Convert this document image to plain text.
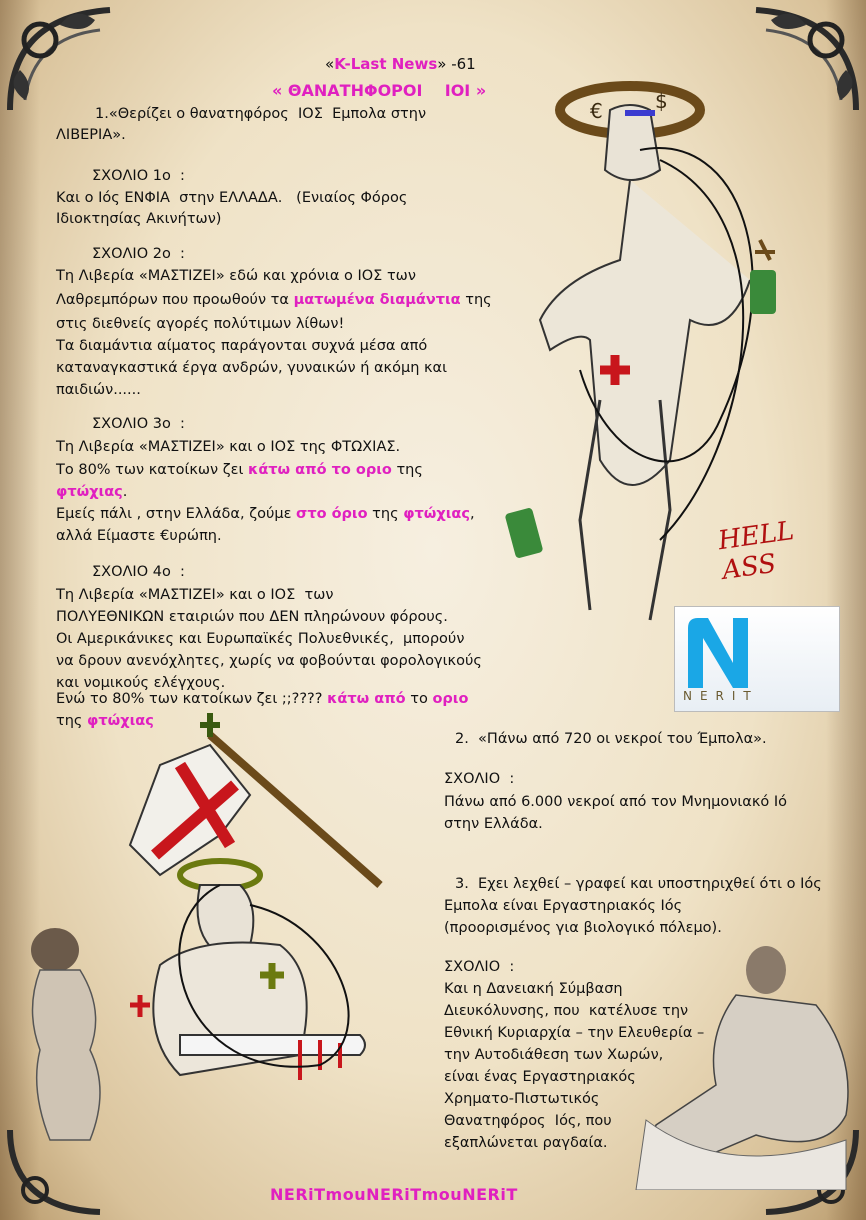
€	$
HELL ASS
NERIT
«K-Last News» -61
« ΘΑΝΑΤΗΦΟΡΟΙ    ΙΟΙ »
1.«Θερίζει ο θανατηφόρος  ΙΟΣ  Εμπολα στην
ΛΙΒΕΡΙΑ».
ΣΧΟΛΙΟ 1ο  :
Και ο Ιός ΕΝΦΙΑ  στην ΕΛΛΑΔΑ.   (Ενιαίος Φόρος
Ιδιοκτησίας Ακινήτων)
ΣΧΟΛΙΟ 2ο  :
Τη Λιβερία «ΜΑΣΤΙΖΕΙ» εδώ και χρόνια ο ΙΟΣ των
Λαθρεμπόρων που προωθούν τα ματωμένα διαμάντια της
στις διεθνείς αγορές πολύτιμων λίθων!
Τα διαμάντια αίματος παράγονται συχνά μέσα από
καταναγκαστικά έργα ανδρών, γυναικών ή ακόμη και
παιδιών......
ΣΧΟΛΙΟ 3ο  :
Τη Λιβερία «ΜΑΣΤΙΖΕΙ» και ο ΙΟΣ της ΦΤΩΧΙΑΣ.
Το 80% των κατοίκων ζει κάτω από το οριο της
φτώχιας.
Εμείς πάλι , στην Ελλάδα, ζούμε στο όριο της φτώχιας,
αλλά Είμαστε €υρώπη.
ΣΧΟΛΙΟ 4ο  :
Τη Λιβερία «ΜΑΣΤΙΖΕΙ» και ο ΙΟΣ  των
ΠΟΛΥΕΘΝΙΚΩΝ εταιριών που ΔΕΝ πληρώνουν φόρους.
Οι Αμερικάνικες και Ευρωπαϊκές Πολυεθνικές,  μπορούν
να δρουν ανενόχλητες, χωρίς να φοβούνται φορολογικούς
και νομικούς ελέγχους.
Ενώ το 80% των κατοίκων ζει ;;???? κάτω από το οριο
της φτώχιας
2.  «Πάνω από 720 οι νεκροί του Έμπολα».
ΣΧΟΛΙΟ  :
Πάνω από 6.000 νεκροί από τον Μνημονιακό Ιό
στην Ελλάδα.
3.  Εχει λεχθεί – γραφεί και υποστηριχθεί ότι ο Ιός
Εμπολα είναι Εργαστηριακός Ιός
(προορισμένος για βιολογικό πόλεμο).
ΣΧΟΛΙΟ  :
Και η Δανειακή Σύμβαση
Διευκόλυνσης, που  κατέλυσε την
Εθνική Κυριαρχία – την Ελευθερία –
την Αυτοδιάθεση των Χωρών,
είναι ένας Εργαστηριακός
Χρηματο-Πιστωτικός
Θανατηφόρος  Ιός, που
εξαπλώνεται ραγδαία.
NERiTmouNERiTmouNERiT
